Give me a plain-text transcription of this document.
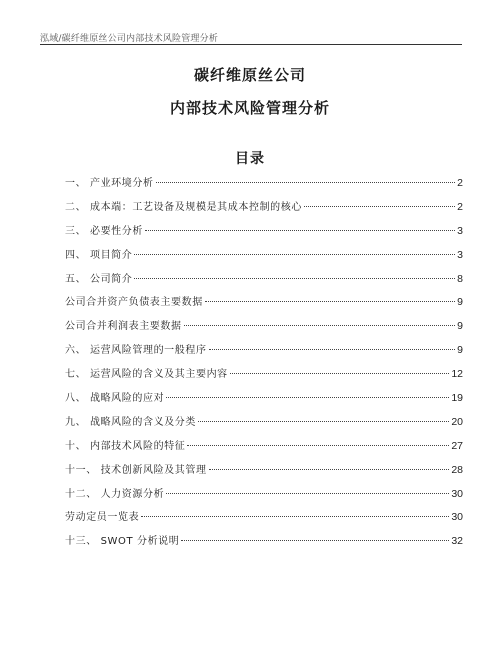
泓域/碳纤维原丝公司内部技术风险管理分析
碳纤维原丝公司
内部技术风险管理分析
目录
一、 产业环境分析	2
二、 成本端：工艺设备及规模是其成本控制的核心	2
三、 必要性分析	3
四、 项目简介	3
五、 公司简介	8
公司合并资产负债表主要数据	9
公司合并利润表主要数据	9
六、 运营风险管理的一般程序	9
七、 运营风险的含义及其主要内容	12
八、 战略风险的应对	19
九、 战略风险的含义及分类	20
十、 内部技术风险的特征	27
十一、 技术创新风险及其管理	28
十二、 人力资源分析	30
劳动定员一览表	30
十三、 SWOT 分析说明	32
